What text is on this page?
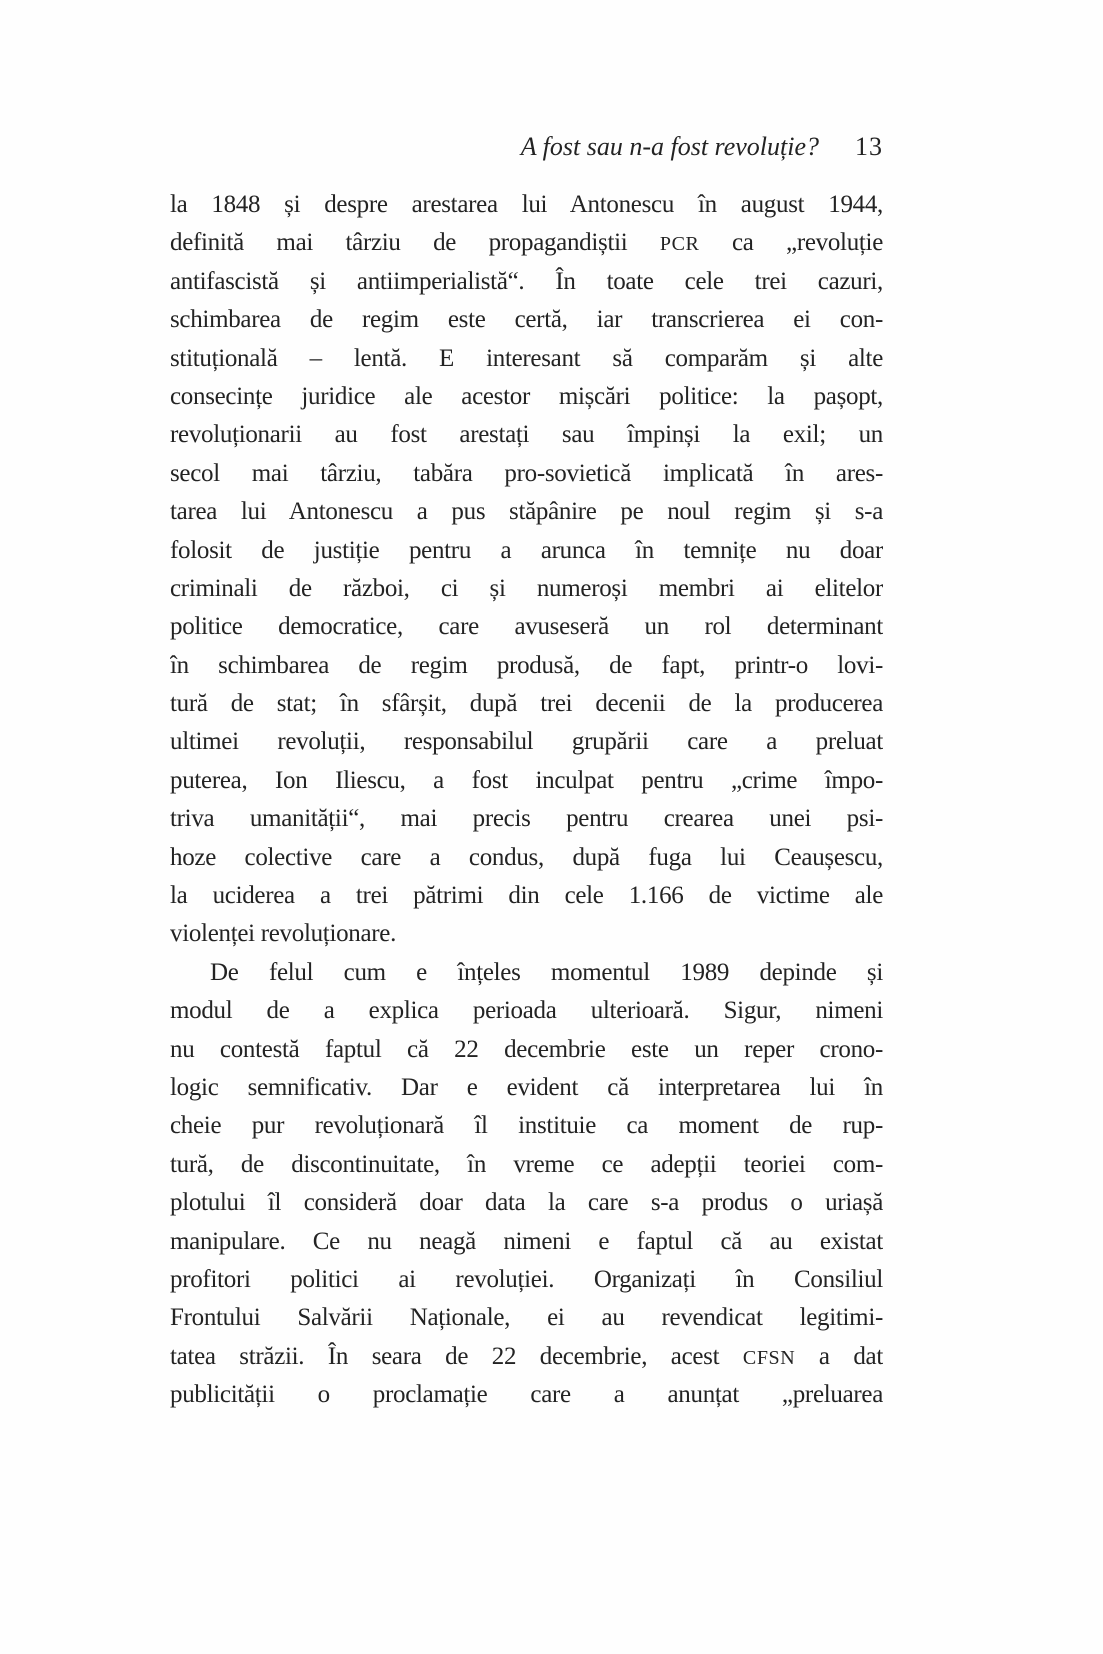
A fost sau n-a fost revoluție? 13
la 1848 și despre arestarea lui Antonescu în august 1944,
definită mai târziu de propagandiștii PCR ca „revoluție
antifascistă și antiimperialistă“. În toate cele trei cazuri,
schimbarea de regim este certă, iar transcrierea ei con-
stituțională – lentă. E interesant să comparăm și alte
consecințe juridice ale acestor mișcări politice: la pașopt,
revoluționarii au fost arestați sau împinși la exil; un
secol mai târziu, tabăra pro-sovietică implicată în ares-
tarea lui Antonescu a pus stăpânire pe noul regim și s-a
folosit de justiție pentru a arunca în temnițe nu doar
criminali de război, ci și numeroși membri ai elitelor
politice democratice, care avuseseră un rol determinant
în schimbarea de regim produsă, de fapt, printr-o lovi-
tură de stat; în sfârșit, după trei decenii de la producerea
ultimei revoluții, responsabilul grupării care a preluat
puterea, Ion Iliescu, a fost inculpat pentru „crime împo-
triva umanității“, mai precis pentru crearea unei psi-
hoze colective care a condus, după fuga lui Ceaușescu,
la uciderea a trei pătrimi din cele 1.166 de victime ale
violenței revoluționare.
De felul cum e înțeles momentul 1989 depinde și
modul de a explica perioada ulterioară. Sigur, nimeni
nu contestă faptul că 22 decembrie este un reper crono-
logic semnificativ. Dar e evident că interpretarea lui în
cheie pur revoluționară îl instituie ca moment de rup-
tură, de discontinuitate, în vreme ce adepții teoriei com-
plotului îl consideră doar data la care s-a produs o uriașă
manipulare. Ce nu neagă nimeni e faptul că au existat
profitori politici ai revoluției. Organizați în Consiliul
Frontului Salvării Naționale, ei au revendicat legitimi-
tatea străzii. În seara de 22 decembrie, acest CFSN a dat
publicității o proclamație care a anunțat „preluarea
